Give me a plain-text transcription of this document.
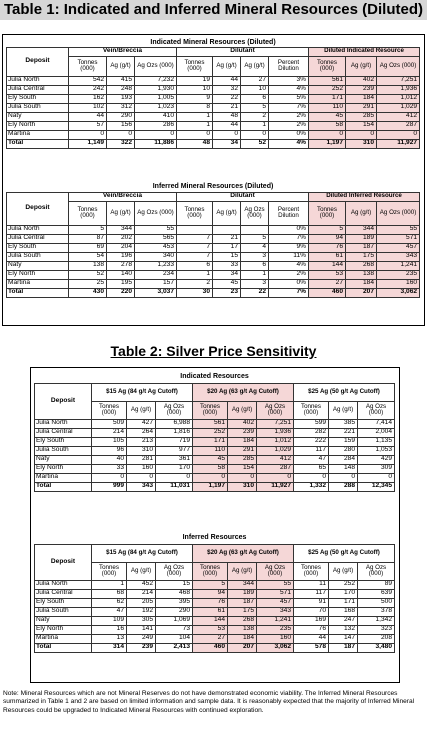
Table 1: Indicated and Inferred Mineral Resources (Diluted)
Indicated Mineral Resources (Diluted)										
Deposit	Vein/Breccia			Dilutant				Diluted Indicated Resource		
	Tonnes (000)	Ag (g/t)	Ag Ozs (000)	Tonnes (000)	Ag (g/t)	Ag (g/t)	Percent Dilution	Tonnes (000)	Ag (g/t)	Ag Ozs (000)
Julia North	542	415	7,232	19	44	27	3%	561	402	7,251
Julia Central	242	248	1,930	10	32	10	4%	252	239	1,936
Ely South	162	193	1,005	9	22	6	5%	171	184	1,012
Julia South	102	312	1,023	8	21	5	7%	110	291	1,029
Naty	44	290	410	1	48	2	2%	45	285	412
Ely North	57	156	286	1	44	1	2%	58	154	287
Martina	0	0	0	0	0	0	0%	0	0	0
Total	1,149	322	11,886	48	34	52	4%	1,197	310	11,927
Inferred Mineral Resources (Diluted)										
Deposit	Vein/Breccia			Dilutant				Diluted Inferred Resource		
	Tonnes (000)	Ag (g/t)	Ag Ozs (000)	Tonnes (000)	Ag (g/t)	Ag Ozs (000)	Percent Dilution	Tonnes (000)	Ag (g/t)	Ag Ozs (000)
Julia North	5	344	55				0%	5	344	55
Julia Central	87	202	565	7	21	5	7%	94	189	571
Ely South	69	204	453	7	17	4	9%	76	187	457
Julia South	54	196	340	7	15	3	11%	61	175	343
Naty	138	278	1,233	6	33	6	4%	144	268	1,241
Ely North	52	140	234	1	34	1	2%	53	138	235
Martina	25	195	157	2	45	3	0%	27	184	160
Total	430	220	3,037	30	23	22	7%	460	207	3,062
Table 2: Silver Price Sensitivity
Indicated Resources									
Deposit	$15 Ag (84 g/t Ag Cutoff)			$20 Ag (63 g/t Ag Cutoff)			$25 Ag (50 g/t Ag Cutoff)		
	Tonnes (000)	Ag (g/t)	Ag Ozs (000)	Tonnes (000)	Ag (g/t)	Ag Ozs (000)	Tonnes (000)	Ag (g/t)	Ag Ozs (000)
Julia North	509	427	6,988	561	402	7,251	599	385	7,414
Julia Central	214	264	1,816	252	239	1,936	282	221	2,004
Ely South	105	213	719	171	184	1,012	222	159	1,135
Julia South	96	310	977	110	291	1,029	117	280	1,053
Naty	40	281	361	45	285	412	47	284	429
Ely North	33	160	170	58	154	287	65	148	309
Martina	0	0	0	0	0	0	0	0	0
Total	999	343	11,031	1,197	310	11,927	1,332	288	12,345
Inferred Resources									
Deposit	$15 Ag (84 g/t Ag Cutoff)			$20 Ag (63 g/t Ag Cutoff)			$25 Ag (50 g/t Ag Cutoff)		
	Tonnes (000)	Ag (g/t)	Ag Ozs (000)	Tonnes (000)	Ag (g/t)	Ag Ozs (000)	Tonnes (000)	Ag (g/t)	Ag Ozs (000)
Julia North	1	452	15	5	344	55	11	252	89
Julia Central	68	214	468	94	189	571	117	170	639
Ely South	62	205	395	76	187	457	91	171	500
Julia South	47	192	290	61	175	343	70	168	378
Naty	109	305	1,069	144	268	1,241	169	247	1,342
Ely North	16	141	73	53	138	235	76	132	323
Martina	13	249	104	27	184	160	44	147	208
Total	314	239	2,413	460	207	3,062	578	187	3,480
Note: Mineral Resources which are not Mineral Reserves do not have demonstrated economic viability. The Inferred Mineral Resources summarized in Table 1 and 2 are based on limited information and sample data. It is reasonably expected that the majority of Inferred Mineral Resources could be upgraded to Indicated Mineral Resources with continued exploration.
